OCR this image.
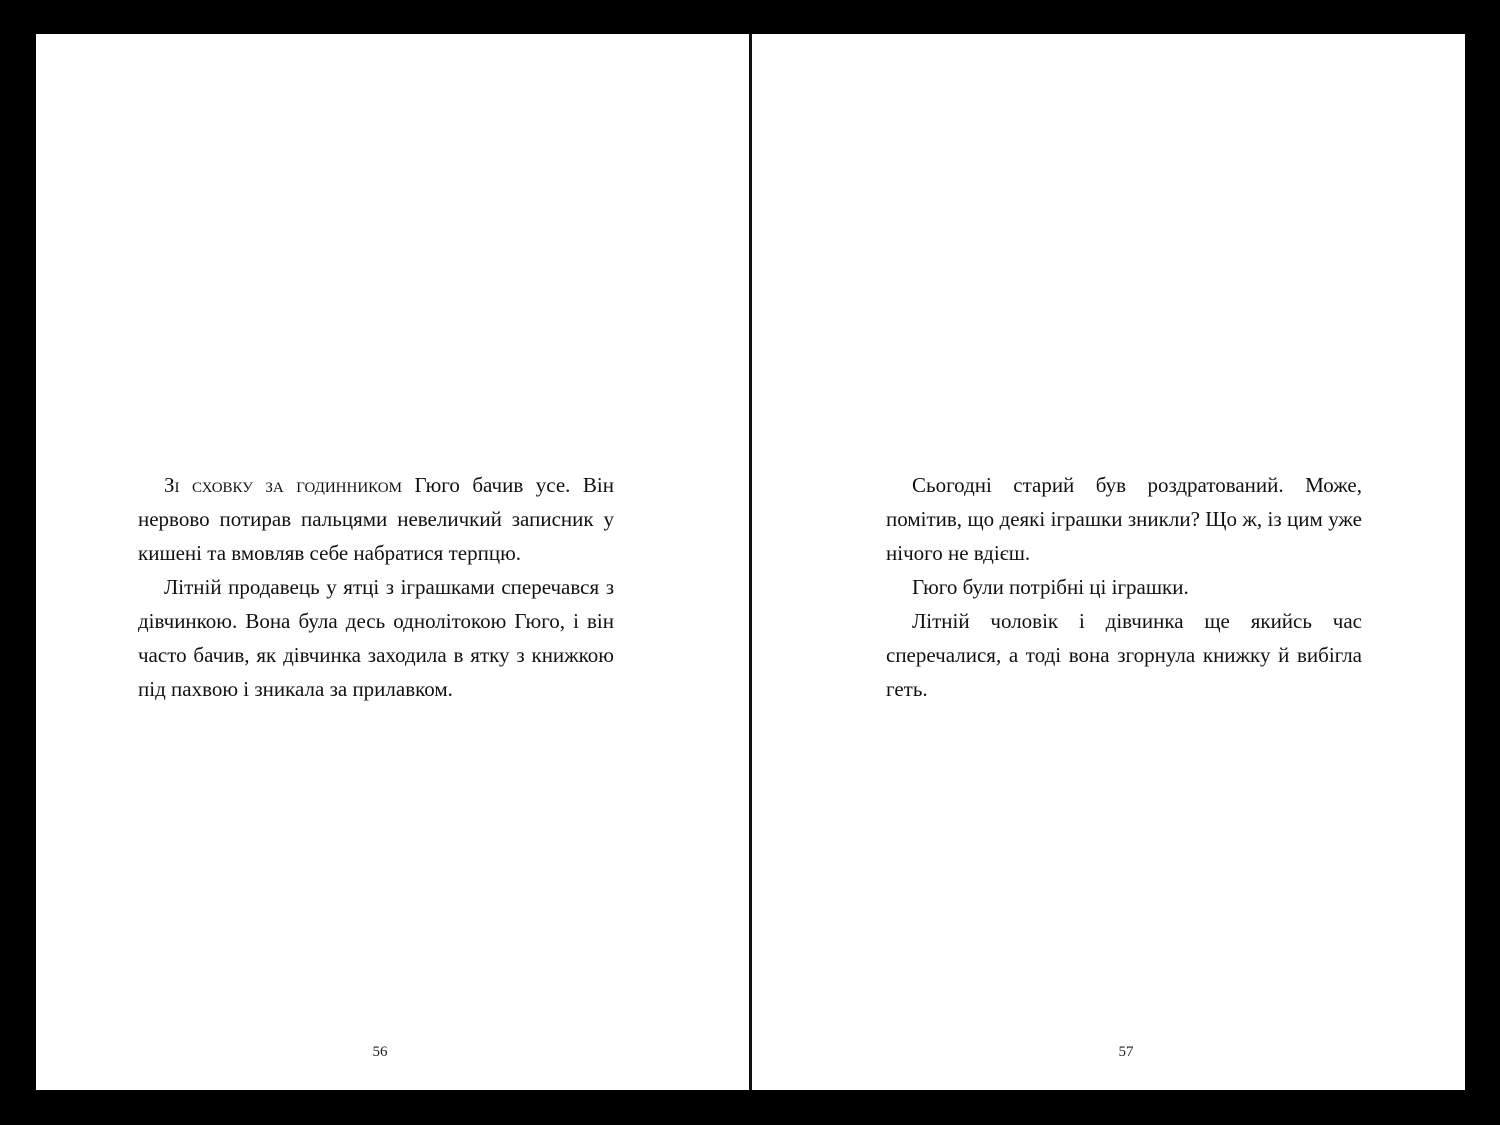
Зі сховку за годинником Гюго бачив усе. Він нервово потирав пальцями невеличкий записник у кишені та вмовляв себе набратися терпцю.

Літній продавець у ятці з іграшками сперечався з дівчинкою. Вона була десь однолітокою Гюго, і він часто бачив, як дівчинка заходила в ятку з книжкою під пахвою і зникала за прилавком.

56

Сьогодні старий був роздратований. Може, помітив, що деякі іграшки зникли? Що ж, із цим уже нічого не вдієш.

Гюго були потрібні ці іграшки.

Літній чоловік і дівчинка ще якийсь час сперечалися, а тоді вона згорнула книжку й вибігла геть.

57
